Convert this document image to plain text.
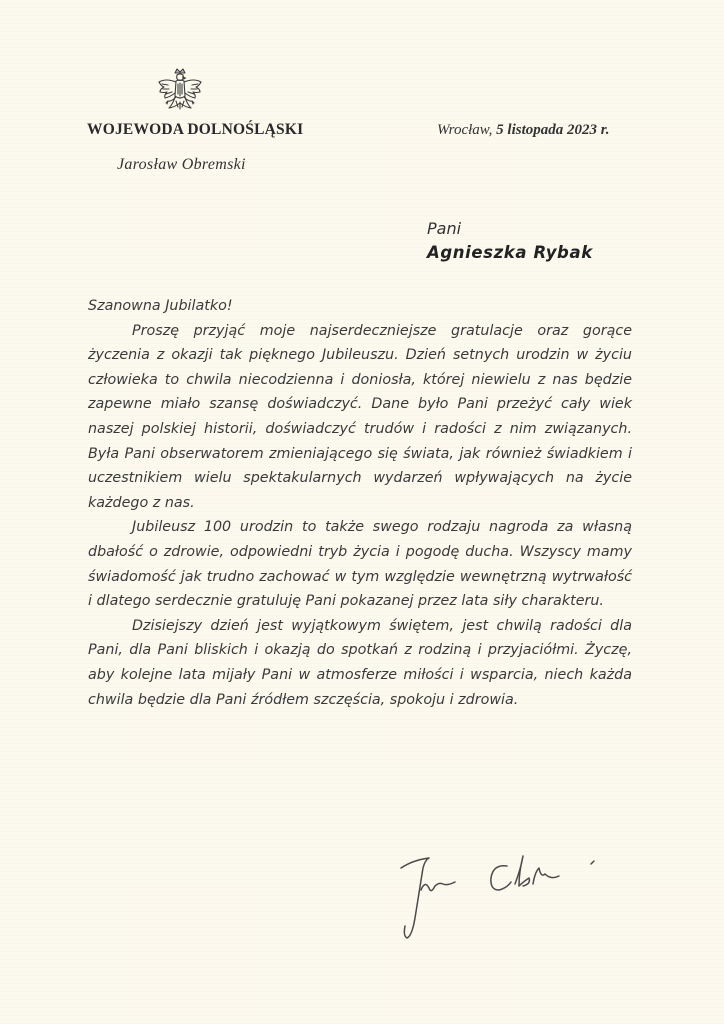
WOJEWODA DOLNOŚLĄSKI
Jarosław Obremski
Wrocław, 5 listopada 2023 r.
Pani
Agnieszka Rybak

Szanowna Jubilatko!

Proszę przyjąć moje najserdeczniejsze gratulacje oraz gorące życzenia z okazji tak pięknego Jubileuszu. Dzień setnych urodzin w życiu człowieka to chwila niecodzienna i doniosła, której niewielu z nas będzie zapewne miało szansę doświadczyć. Dane było Pani przeżyć cały wiek naszej polskiej historii, doświadczyć trudów i radości z nim związanych. Była Pani obserwatorem zmieniającego się świata, jak również świadkiem i uczestnikiem wielu spektakularnych wydarzeń wpływających na życie każdego z nas.

Jubileusz 100 urodzin to także swego rodzaju nagroda za własną dbałość o zdrowie, odpowiedni tryb życia i pogodę ducha. Wszyscy mamy świadomość jak trudno zachować w tym względzie wewnętrzną wytrwałość i dlatego serdecznie gratuluję Pani pokazanej przez lata siły charakteru.

Dzisiejszy dzień jest wyjątkowym świętem, jest chwilą radości dla Pani, dla Pani bliskich i okazją do spotkań z rodziną i przyjaciółmi. Życzę, aby kolejne lata mijały Pani w atmosferze miłości i wsparcia, niech każda chwila będzie dla Pani źródłem szczęścia, spokoju i zdrowia.
